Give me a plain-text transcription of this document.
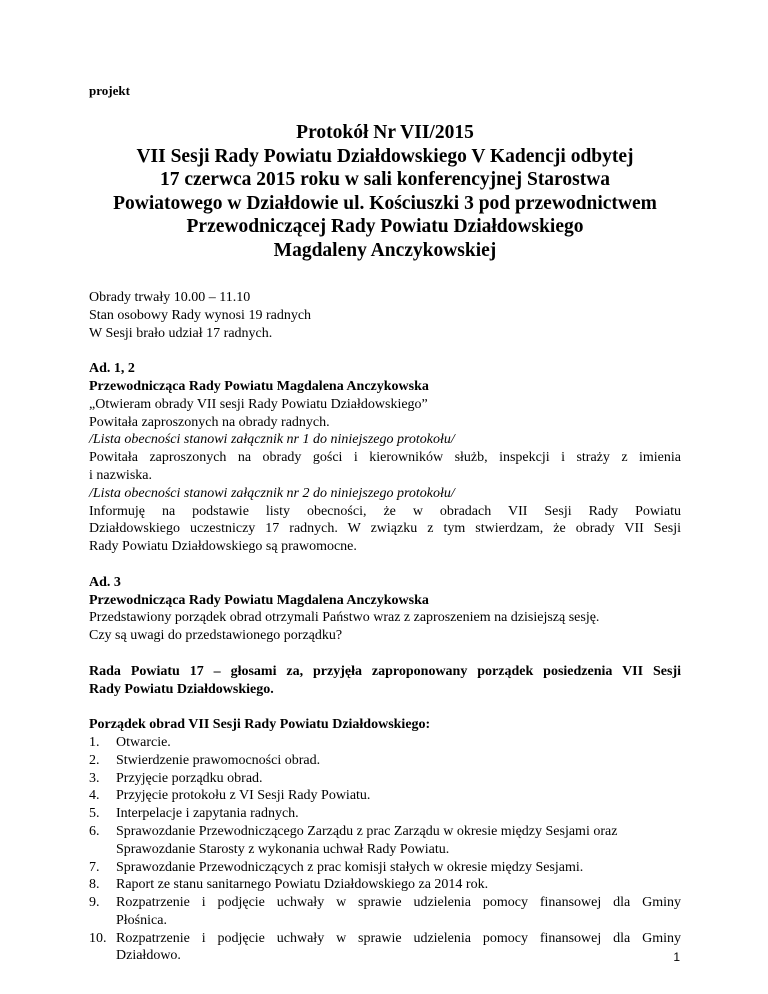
projekt
Protokół Nr VII/2015
VII Sesji Rady Powiatu Działdowskiego V Kadencji odbytej
17 czerwca 2015 roku w sali konferencyjnej Starostwa
Powiatowego w Działdowie ul. Kościuszki 3 pod przewodnictwem
Przewodniczącej Rady Powiatu Działdowskiego
Magdaleny Anczykowskiej
Obrady trwały 10.00 – 11.10
Stan osobowy Rady wynosi 19 radnych
W Sesji brało udział 17 radnych.
Ad. 1, 2
Przewodnicząca Rady Powiatu Magdalena Anczykowska
„Otwieram obrady VII sesji Rady Powiatu Działdowskiego”
Powitała zaproszonych na obrady radnych.
/Lista obecności stanowi załącznik nr 1 do niniejszego protokołu/
Powitała zaproszonych na obrady gości i kierowników służb, inspekcji i straży z imienia
i nazwiska.
/Lista obecności stanowi załącznik nr 2 do niniejszego protokołu/
Informuję na podstawie listy obecności, że w obradach VII Sesji Rady Powiatu
Działdowskiego uczestniczy 17 radnych. W związku z tym stwierdzam, że obrady VII Sesji
Rady Powiatu Działdowskiego są prawomocne.
Ad. 3
Przewodnicząca Rady Powiatu Magdalena Anczykowska
Przedstawiony porządek obrad otrzymali Państwo wraz z zaproszeniem na dzisiejszą sesję.
Czy są uwagi do przedstawionego porządku?
Rada Powiatu 17 – głosami za, przyjęła zaproponowany porządek posiedzenia VII Sesji
Rady Powiatu Działdowskiego.
Porządek obrad VII Sesji Rady Powiatu Działdowskiego:
1. Otwarcie.
2. Stwierdzenie prawomocności obrad.
3. Przyjęcie porządku obrad.
4. Przyjęcie protokołu z VI Sesji Rady Powiatu.
5. Interpelacje i zapytania radnych.
6. Sprawozdanie Przewodniczącego Zarządu z prac Zarządu w okresie między Sesjami oraz
Sprawozdanie Starosty z wykonania uchwał Rady Powiatu.
7. Sprawozdanie Przewodniczących z prac komisji stałych w okresie między Sesjami.
8. Raport ze stanu sanitarnego Powiatu Działdowskiego za 2014 rok.
9. Rozpatrzenie i podjęcie uchwały w sprawie udzielenia pomocy finansowej dla Gminy
Płośnica.
10. Rozpatrzenie i podjęcie uchwały w sprawie udzielenia pomocy finansowej dla Gminy
Działdowo.	1
